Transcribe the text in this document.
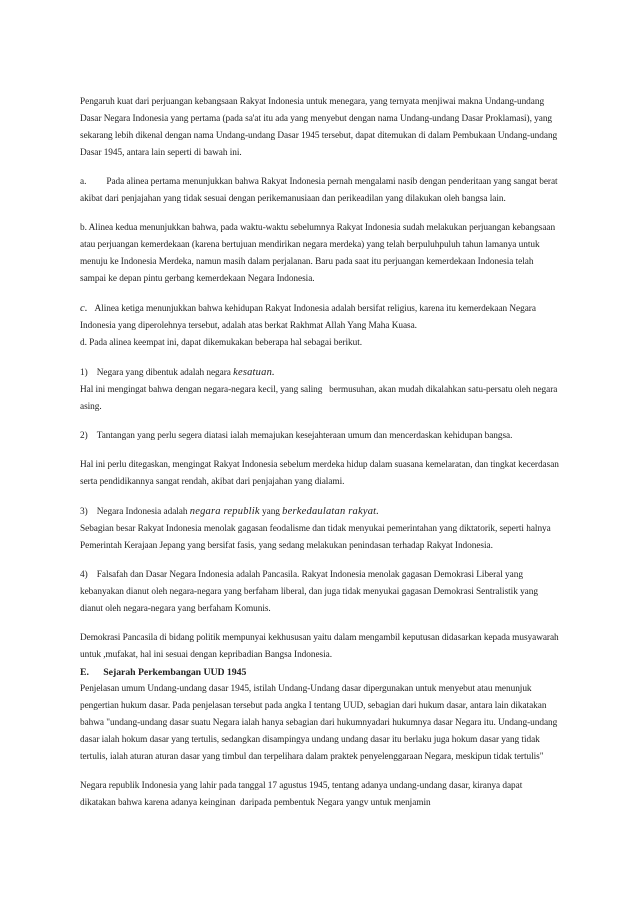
Pengaruh kuat dari perjuangan kebangsaan Rakyat Indonesia untuk menegara, yang ternyata menjiwai makna Undang-undang Dasar Negara Indonesia yang pertama (pada sa'at itu ada yang menyebut dengan nama Undang-undang Dasar Proklamasi), yang sekarang lebih dikenal dengan nama Undang-undang Dasar 1945 tersebut, dapat ditemukan di dalam Pembukaan Undang-undang Dasar 1945, antara lain seperti di bawah ini.

a. Pada alinea pertama menunjukkan bahwa Rakyat Indonesia pernah mengalami nasib dengan penderitaan yang sangat berat akibat dari penjajahan yang tidak sesuai dengan perikemanusiaan dan perikeadilan yang dilakukan oleh bangsa lain.

b. Alinea kedua menunjukkan bahwa, pada waktu-waktu sebelumnya Rakyat Indonesia sudah melakukan perjuangan kebangsaan atau perjuangan kemerdekaan (karena bertujuan mendirikan negara merdeka) yang telah berpuluhpuluh tahun lamanya untuk menuju ke Indonesia Merdeka, namun masih dalam perjalanan. Baru pada saat itu perjuangan kemerdekaan Indonesia telah sampai ke depan pintu gerbang kemerdekaan Negara Indonesia.

c. Alinea ketiga menunjukkan bahwa kehidupan Rakyat Indonesia adalah bersifat religius, karena itu kemerdekaan Negara Indonesia yang diperolehnya tersebut, adalah atas berkat Rakhmat Allah Yang Maha Kuasa.

d. Pada alinea keempat ini, dapat dikemukakan beberapa hal sebagai berikut.

1)    Negara yang dibentuk adalah negara kesatuan.

Hal ini mengingat bahwa dengan negara-negara kecil, yang saling   bermusuhan, akan mudah dikalahkan satu-persatu oleh negara asing.

2)    Tantangan yang perlu segera diatasi ialah memajukan kesejahteraan umum dan mencerdaskan kehidupan bangsa.

Hal ini perlu ditegaskan, mengingat Rakyat Indonesia sebelum merdeka hidup dalam suasana kemelaratan, dan tingkat kecerdasan serta pendidikannya sangat rendah, akibat dari penjajahan yang dialami.

3)    Negara Indonesia adalah negara republik yang berkedaulatan rakyat.

Sebagian besar Rakyat Indonesia menolak gagasan feodalisme dan tidak menyukai pemerintahan yang diktatorik, seperti halnya Pemerintah Kerajaan Jepang yang bersifat fasis, yang sedang melakukan penindasan terhadap Rakyat Indonesia.

4)    Falsafah dan Dasar Negara Indonesia adalah Pancasila. Rakyat Indonesia menolak gagasan Demokrasi Liberal yang kebanyakan dianut oleh negara-negara yang berfaham liberal, dan juga tidak menyukai gagasan Demokrasi Sentralistik yang dianut oleh negara-negara yang berfaham Komunis.

Demokrasi Pancasila di bidang politik mempunyai kekhususan yaitu dalam mengambil keputusan didasarkan kepada musyawarah untuk ,mufakat, hal ini sesuai dengan kepribadian Bangsa Indonesia.

E.      Sejarah Perkembangan UUD 1945

Penjelasan umum Undang-undang dasar 1945, istilah Undang-Undang dasar dipergunakan untuk menyebut atau menunjuk pengertian hukum dasar. Pada penjelasan tersebut pada angka I tentang UUD, sebagian dari hukum dasar, antara lain dikatakan bahwa "undang-undang dasar suatu Negara ialah hanya sebagian dari hukumnyadari hukumnya dasar Negara itu. Undang-undang dasar ialah hokum dasar yang tertulis, sedangkan disampingya undang undang dasar itu berlaku juga hokum dasar yang tidak tertulis, ialah aturan aturan dasar yang timbul dan terpelihara dalam praktek penyelenggaraan Negara, meskipun tidak tertulis"

Negara republik Indonesia yang lahir pada tanggal 17 agustus 1945, tentang adanya undang-undang dasar, kiranya dapat dikatakan bahwa karena adanya keinginan  daripada pembentuk Negara yangv untuk menjamin
